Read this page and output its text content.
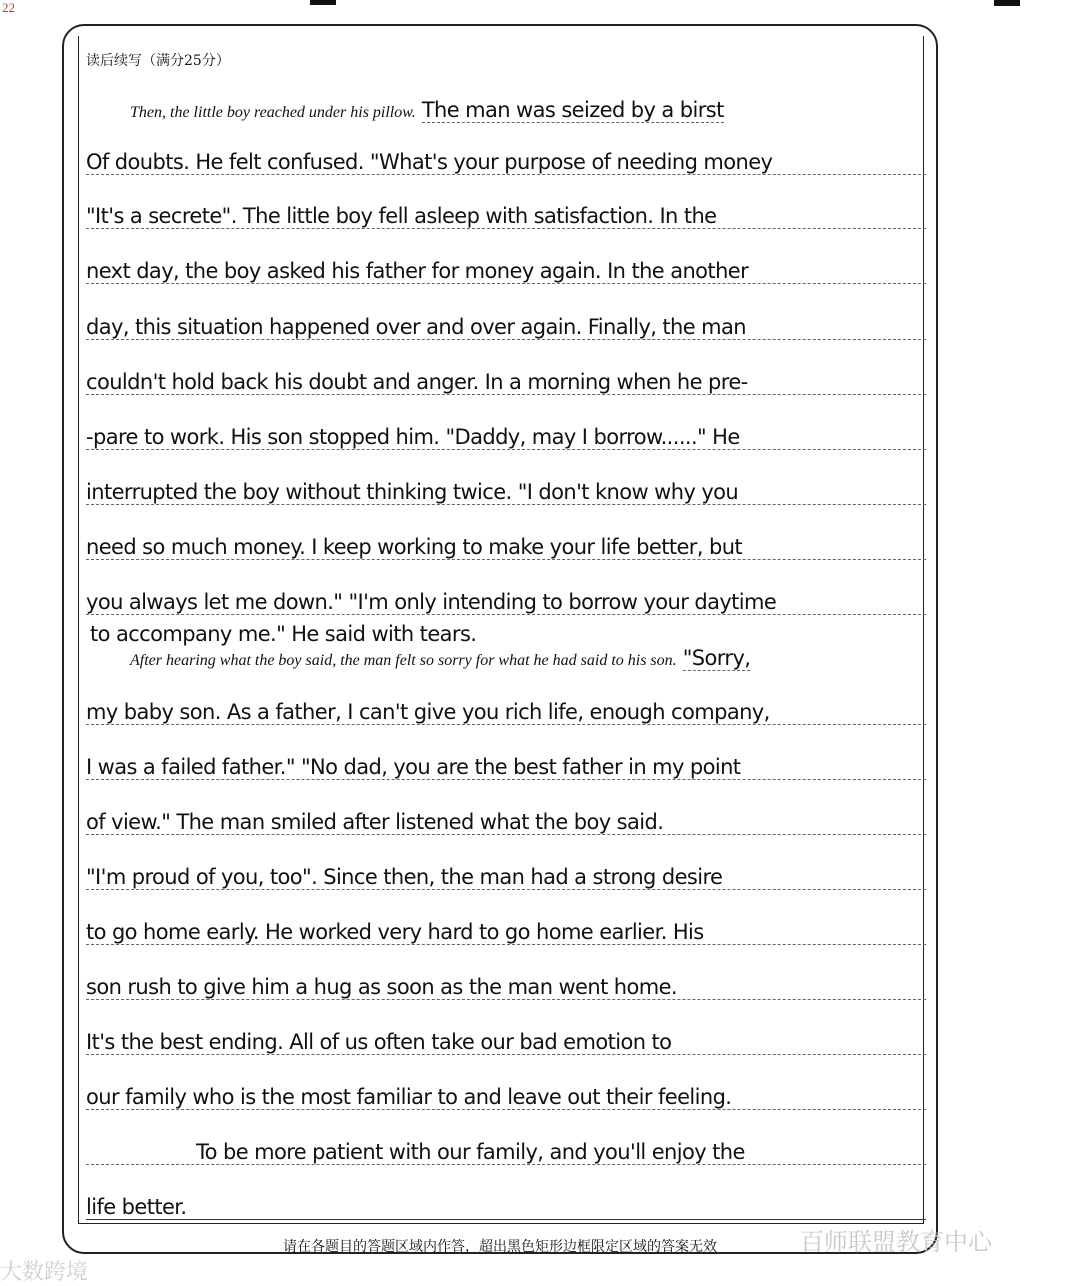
22
读后续写（满分25分）
Then, the little boy reached under his pillow. The man was seized by a birst
Of doubts. He felt confused. "What's your purpose of needing money
"It's a secrete". The little boy fell asleep with satisfaction. In the
next day, the boy asked his father for money again. In the another
day, this situation happened over and over again. Finally, the man
couldn't hold back his doubt and anger. In a morning when he pre-
-pare to work. His son stopped him. "Daddy, may I borrow......" He
interrupted the boy without thinking twice. "I don't know why you
need so much money. I keep working to make your life better, but
you always let me down." "I'm only intending to borrow your daytime
to accompany me." He said with tears.
After hearing what the boy said, the man felt so sorry for what he had said to his son. "Sorry,
my baby son. As a father, I can't give you rich life, enough company,
I was a failed father." "No dad, you are the best father in my point
of view." The man smiled after listened what the boy said.
"I'm proud of you, too". Since then, the man had a strong desire
to go home early. He worked very hard to go home earlier. His
son rush to give him a hug as soon as the man went home.
It's the best ending. All of us often take our bad emotion to
our family who is the most familiar to and leave out their feeling.
To be more patient with our family, and you'll enjoy the
life better.
请在各题目的答题区域内作答，超出黑色矩形边框限定区域的答案无效	百师联盟教育中心
大数跨境
